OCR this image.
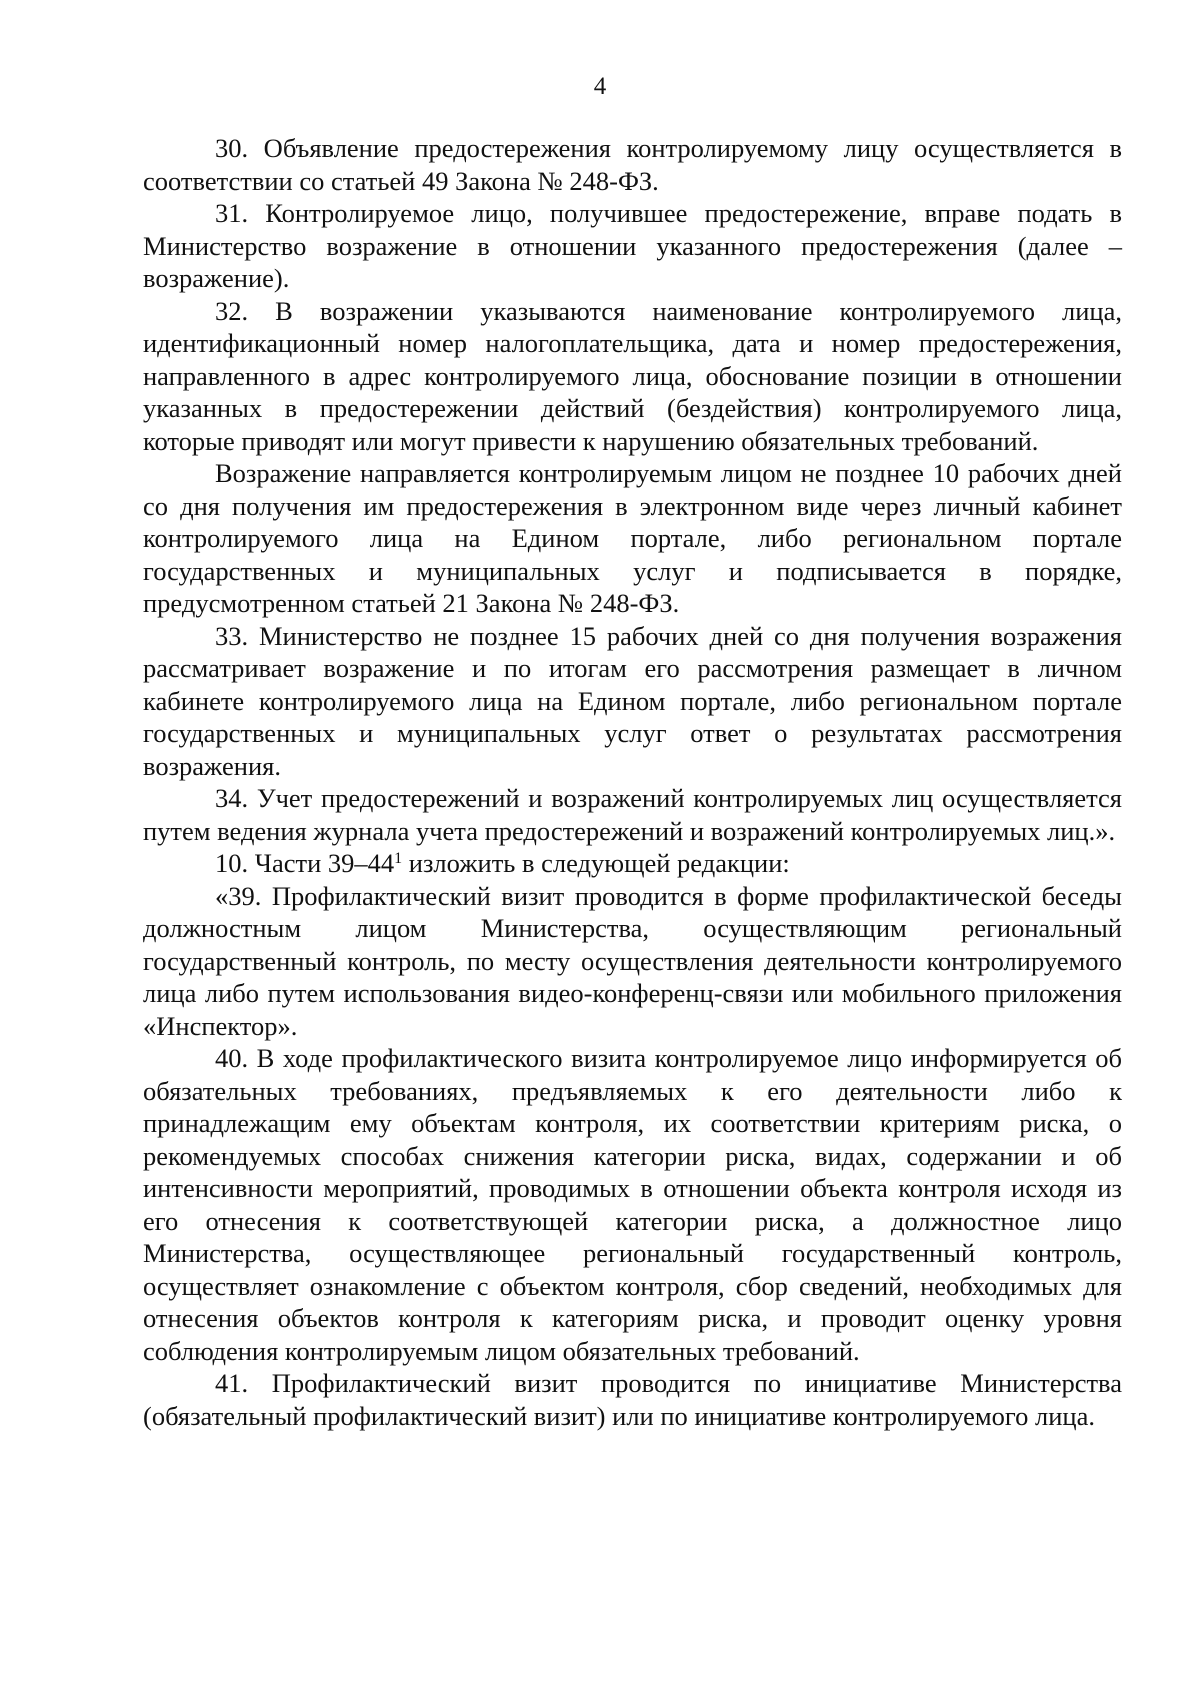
4

30. Объявление предостережения контролируемому лицу осуществляется в соответствии со статьей 49 Закона № 248-ФЗ.

31. Контролируемое лицо, получившее предостережение, вправе подать в Министерство возражение в отношении указанного предостережения (далее – возражение).

32. В возражении указываются наименование контролируемого лица, идентификационный номер налогоплательщика, дата и номер предостережения, направленного в адрес контролируемого лица, обоснование позиции в отношении указанных в предостережении действий (бездействия) контролируемого лица, которые приводят или могут привести к нарушению обязательных требований.

Возражение направляется контролируемым лицом не позднее 10 рабочих дней со дня получения им предостережения в электронном виде через личный кабинет контролируемого лица на Едином портале, либо региональном портале государственных и муниципальных услуг и подписывается в порядке, предусмотренном статьей 21 Закона № 248-ФЗ.

33. Министерство не позднее 15 рабочих дней со дня получения возражения рассматривает возражение и по итогам его рассмотрения размещает в личном кабинете контролируемого лица на Едином портале, либо региональном портале государственных и муниципальных услуг ответ о результатах рассмотрения возражения.

34. Учет предостережений и возражений контролируемых лиц осуществляется путем ведения журнала учета предостережений и возражений контролируемых лиц.».

10. Части $39-44^1$ изложить в следующей редакции:

«39. Профилактический визит проводится в форме профилактической беседы должностным лицом Министерства, осуществляющим региональный государственный контроль, по месту осуществления деятельности контролируемого лица либо путем использования видео-конференц-связи или мобильного приложения «Инспектор».

40. В ходе профилактического визита контролируемое лицо информируется об обязательных требованиях, предъявляемых к его деятельности либо к принадлежащим ему объектам контроля, их соответствии критериям риска, о рекомендуемых способах снижения категории риска, видах, содержании и об интенсивности мероприятий, проводимых в отношении объекта контроля исходя из его отнесения к соответствующей категории риска, а должностное лицо Министерства, осуществляющее региональный государственный контроль, осуществляет ознакомление с объектом контроля, сбор сведений, необходимых для отнесения объектов контроля к категориям риска, и проводит оценку уровня соблюдения контролируемым лицом обязательных требований.

41. Профилактический визит проводится по инициативе Министерства (обязательный профилактический визит) или по инициативе контролируемого лица.
